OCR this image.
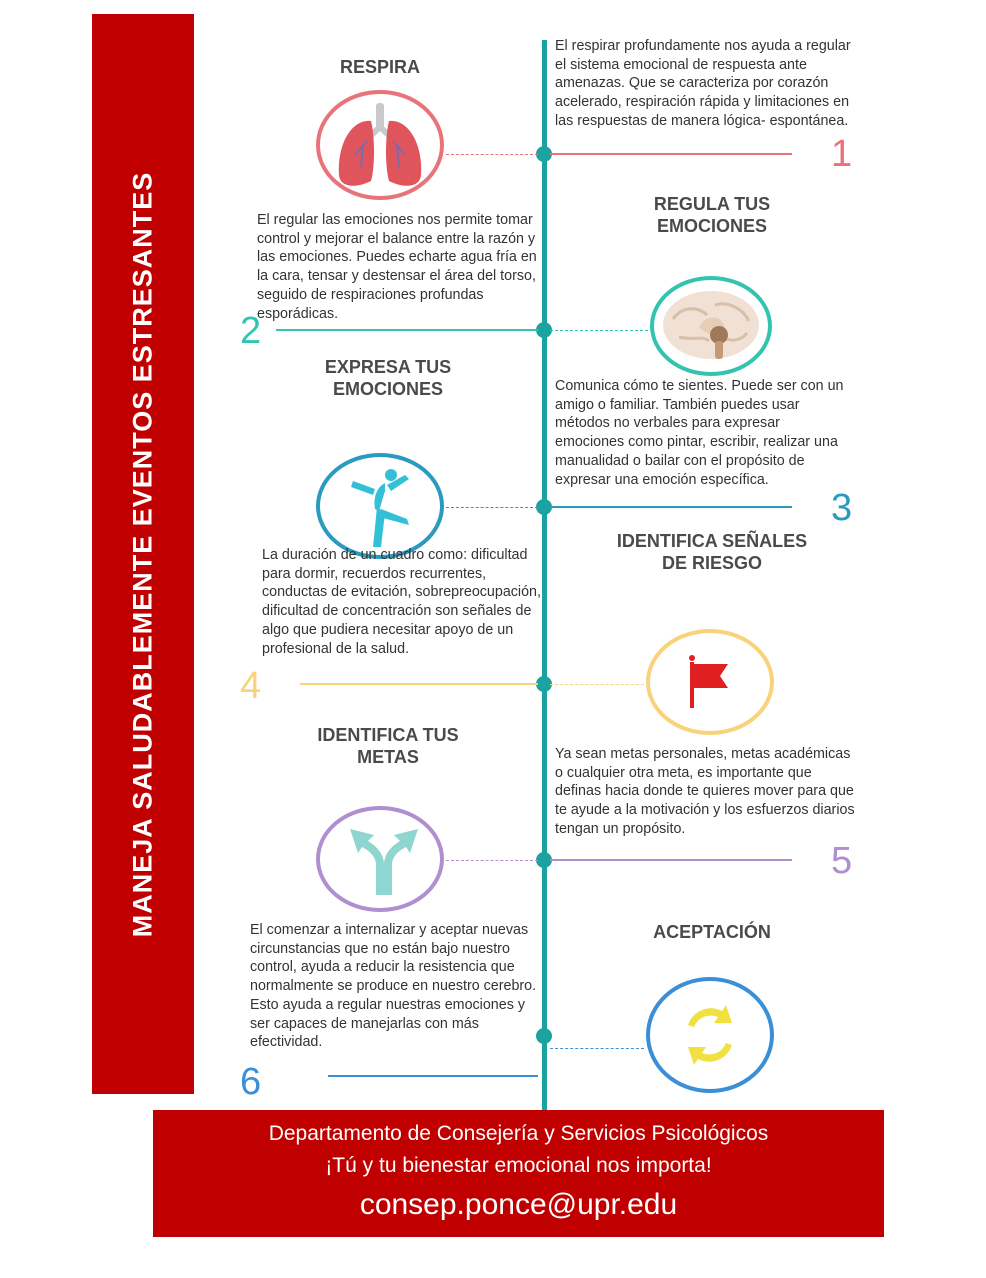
MANEJA SALUDABLEMENTE EVENTOS ESTRESANTES
RESPIRA
El respirar profundamente nos ayuda a regular el sistema emocional de respuesta ante amenazas. Que se caracteriza por corazón acelerado, respiración rápida y limitaciones en las respuestas de manera lógica- espontánea.
1
REGULA TUS EMOCIONES
El regular las emociones nos permite tomar control y mejorar el balance entre la razón y las emociones. Puedes echarte agua fría en la cara, tensar y destensar el área del torso, seguido de respiraciones profundas esporádicas.
2
EXPRESA TUS EMOCIONES	Comunica cómo te sientes. Puede ser con un amigo o familiar. También puedes usar métodos no verbales para expresar emociones como pintar, escribir, realizar una manualidad o bailar con el propósito de expresar una emoción específica.
3
IDENTIFICA SEÑALES DE RIESGO
La duración de un cuadro como: dificultad para dormir, recuerdos recurrentes, conductas de evitación, sobrepreocupación, dificultad de concentración son señales de algo que pudiera necesitar apoyo de un profesional de la salud.
4
IDENTIFICA TUS METAS	Ya sean metas personales, metas académicas o cualquier otra meta, es importante que definas hacia donde te quieres mover para que te ayude a la motivación y los esfuerzos diarios tengan un propósito.
5
ACEPTACIÓN
El comenzar a internalizar y aceptar nuevas circunstancias que no están bajo nuestro control, ayuda a reducir la resistencia que normalmente se produce en nuestro cerebro. Esto ayuda a regular nuestras emociones y ser capaces de manejarlas con más efectividad.
6
Departamento de Consejería y Servicios Psicológicos
¡Tú y tu bienestar emocional nos importa!
consep.ponce@upr.edu
